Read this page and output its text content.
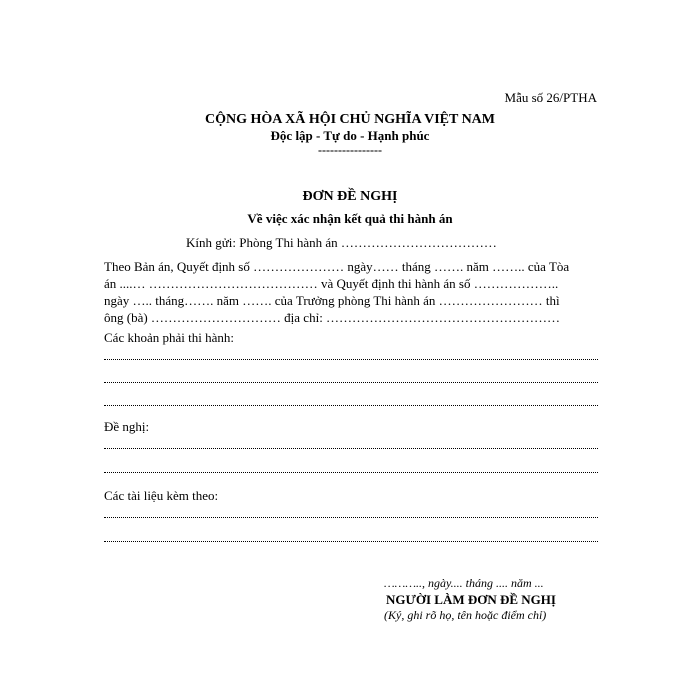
Mẫu số 26/PTHA
CỘNG HÒA XÃ HỘI CHỦ NGHĨA VIỆT NAM
Độc lập - Tự do - Hạnh phúc
----------------
ĐƠN ĐỀ NGHỊ
Về việc xác nhận kết quả thi hành án
Kính gửi: Phòng Thi hành án ………………………………
Theo Bản án, Quyết định số ………………… ngày…… tháng ……. năm …….. của Tòa
án ....… ………………………………… và Quyết định thi hành án số ………………..
ngày ….. tháng……. năm ……. của Trưởng phòng Thi hành án …………………… thì
ông (bà) ………………………… địa chỉ: ………………………………………………
Các khoản phải thi hành:
Đề nghị:
Các tài liệu kèm theo:
……….., ngày.... tháng .... năm ...
NGƯỜI LÀM ĐƠN ĐỀ NGHỊ
(Ký, ghi rõ họ, tên hoặc điểm chỉ)
